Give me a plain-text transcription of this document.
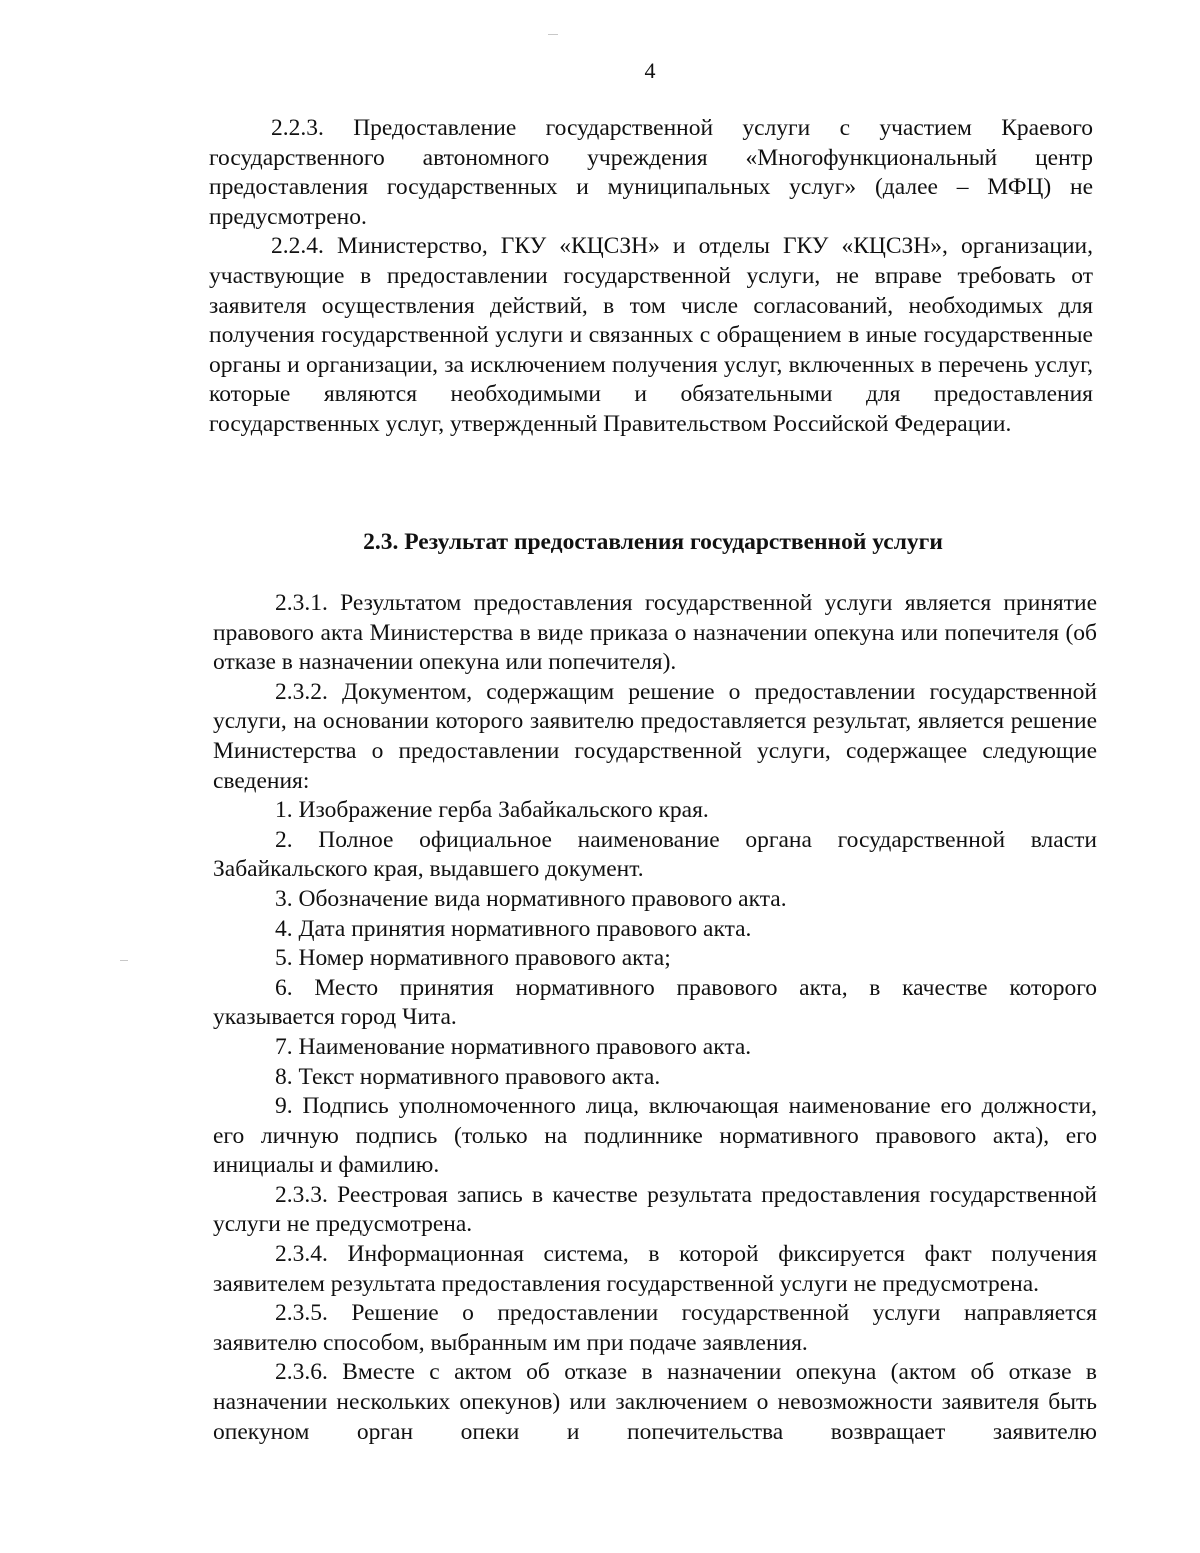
4

2.2.3. Предоставление государственной услуги с участием Краевого государственного автономного учреждения «Многофункциональный центр предоставления государственных и муниципальных услуг» (далее – МФЦ) не предусмотрено.

2.2.4. Министерство, ГКУ «КЦСЗН» и отделы ГКУ «КЦСЗН», организации, участвующие в предоставлении государственной услуги, не вправе требовать от заявителя осуществления действий, в том числе согласований, необходимых для получения государственной услуги и связанных с обращением в иные государственные органы и организации, за исключением получения услуг, включенных в перечень услуг, которые являются необходимыми и обязательными для предоставления государственных услуг, утвержденный Правительством Российской Федерации.

2.3. Результат предоставления государственной услуги

2.3.1. Результатом предоставления государственной услуги является принятие правового акта Министерства в виде приказа о назначении опекуна или попечителя (об отказе в назначении опекуна или попечителя).

2.3.2. Документом, содержащим решение о предоставлении государственной услуги, на основании которого заявителю предоставляется результат, является решение Министерства о предоставлении государственной услуги, содержащее следующие сведения:

1. Изображение герба Забайкальского края.

2. Полное официальное наименование органа государственной власти Забайкальского края, выдавшего документ.

3. Обозначение вида нормативного правового акта.

4. Дата принятия нормативного правового акта.

5. Номер нормативного правового акта;

6. Место принятия нормативного правового акта, в качестве которого указывается город Чита.

7. Наименование нормативного правового акта.

8. Текст нормативного правового акта.

9. Подпись уполномоченного лица, включающая наименование его должности, его личную подпись (только на подлиннике нормативного правового акта), его инициалы и фамилию.

2.3.3. Реестровая запись в качестве результата предоставления государственной услуги не предусмотрена.

2.3.4. Информационная система, в которой фиксируется факт получения заявителем результата предоставления государственной услуги не предусмотрена.

2.3.5. Решение о предоставлении государственной услуги направляется заявителю способом, выбранным им при подаче заявления.

2.3.6. Вместе с актом об отказе в назначении опекуна (актом об отказе в назначении нескольких опекунов) или заключением о невозможности заявителя быть опекуном орган опеки и попечительства возвращает заявителю
